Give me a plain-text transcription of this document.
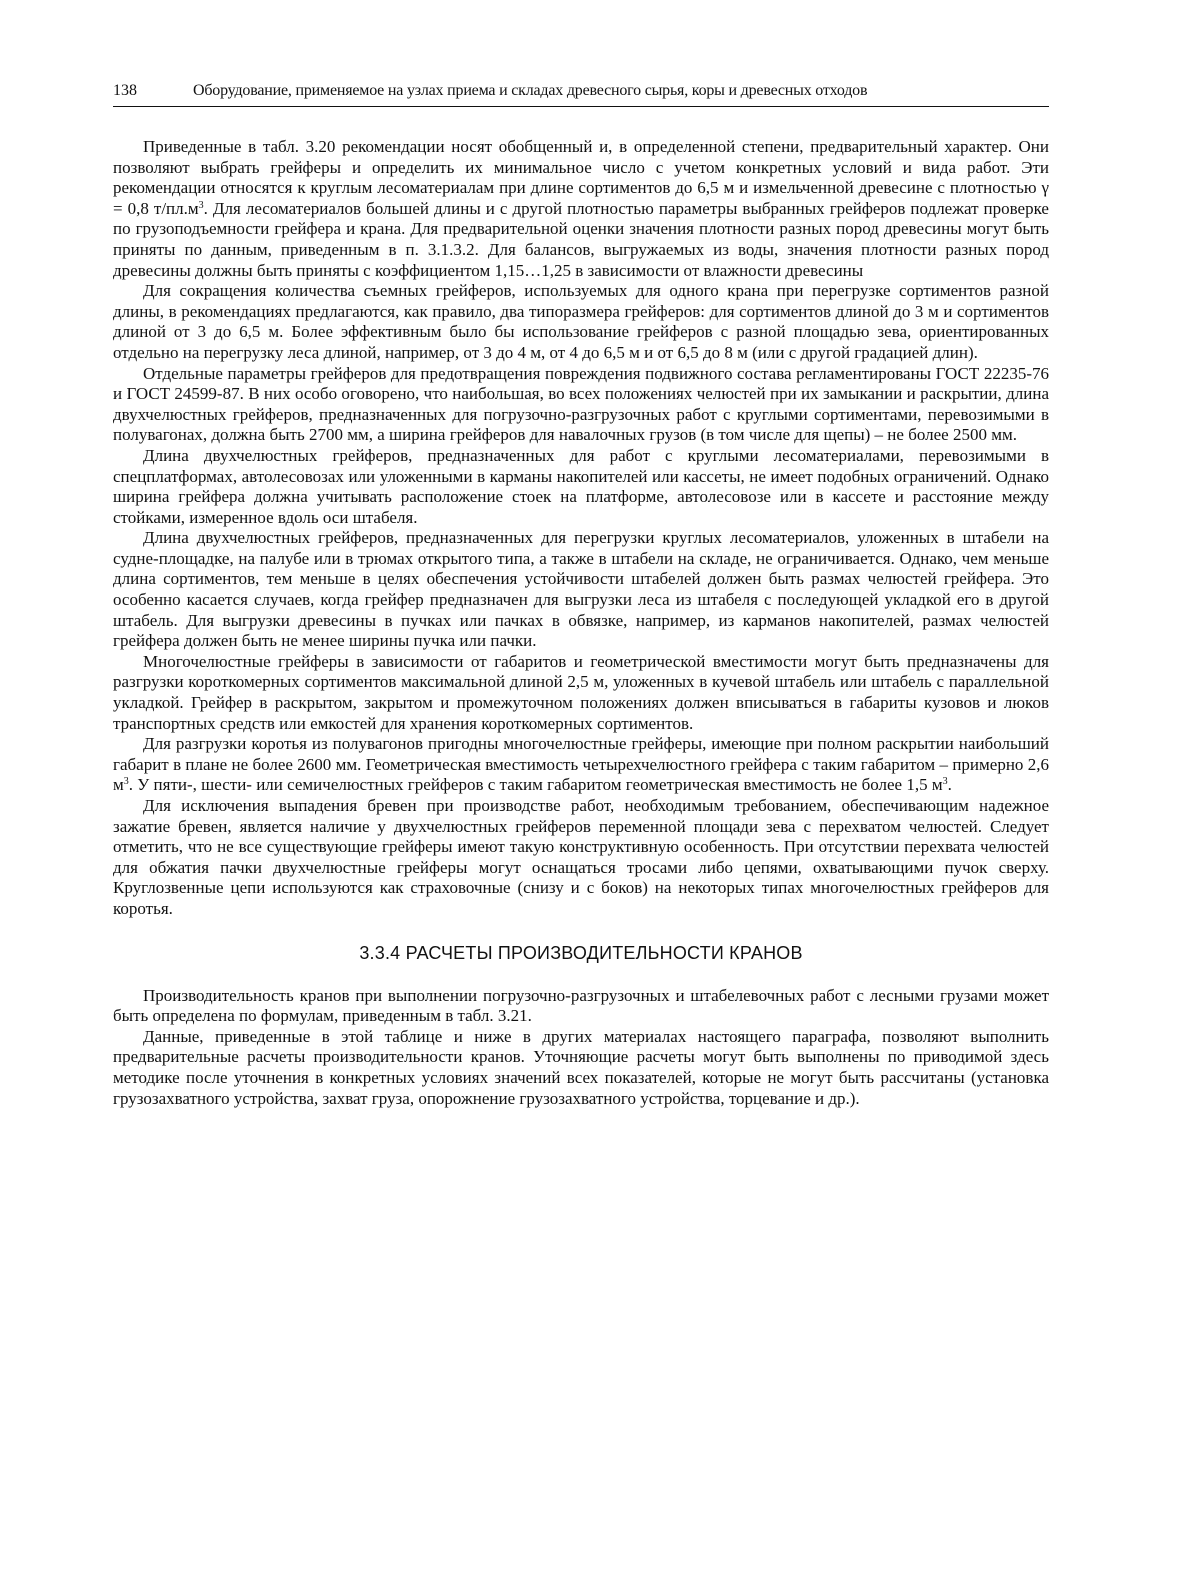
138	Оборудование, применяемое на узлах приема и складах древесного сырья, коры и древесных отходов

Приведенные в табл. 3.20 рекомендации носят обобщенный и, в определенной степени, предварительный характер. Они позволяют выбрать грейферы и определить их минимальное число с учетом конкретных условий и вида работ. Эти рекомендации относятся к круглым лесоматериалам при длине сортиментов до 6,5 м и измельченной древесине с плотностью γ = 0,8 $т/пл.м^3$. Для лесоматериалов большей длины и с другой плотностью параметры выбранных грейферов подлежат проверке по грузоподъемности грейфера и крана. Для предварительной оценки значения плотности разных пород древесины могут быть приняты по данным, приведенным в п. 3.1.3.2. Для балансов, выгружаемых из воды, значения плотности разных пород древесины должны быть приняты с коэффициентом 1,15…1,25 в зависимости от влажности древесины

Для сокращения количества съемных грейферов, используемых для одного крана при перегрузке сортиментов разной длины, в рекомендациях предлагаются, как правило, два типоразмера грейферов: для сортиментов длиной до 3 м и сортиментов длиной от 3 до 6,5 м. Более эффективным было бы использование грейферов с разной площадью зева, ориентированных отдельно на перегрузку леса длиной, например, от 3 до 4 м, от 4 до 6,5 м и от 6,5 до 8 м (или с другой градацией длин).

Отдельные параметры грейферов для предотвращения повреждения подвижного состава регламентированы ГОСТ 22235-76 и ГОСТ 24599-87. В них особо оговорено, что наибольшая, во всех положениях челюстей при их замыкании и раскрытии, длина двухчелюстных грейферов, предназначенных для погрузочно-разгрузочных работ с круглыми сортиментами, перевозимыми в полувагонах, должна быть 2700 мм, а ширина грейферов для навалочных грузов (в том числе для щепы) – не более 2500 мм.

Длина двухчелюстных грейферов, предназначенных для работ с круглыми лесоматериалами, перевозимыми в спецплатформах, автолесовозах или уложенными в карманы накопителей или кассеты, не имеет подобных ограничений. Однако ширина грейфера должна учитывать расположение стоек на платформе, автолесовозе или в кассете и расстояние между стойками, измеренное вдоль оси штабеля.

Длина двухчелюстных грейферов, предназначенных для перегрузки круглых лесоматериалов, уложенных в штабели на судне-площадке, на палубе или в трюмах открытого типа, а также в штабели на складе, не ограничивается. Однако, чем меньше длина сортиментов, тем меньше в целях обеспечения устойчивости штабелей должен быть размах челюстей грейфера. Это особенно касается случаев, когда грейфер предназначен для выгрузки леса из штабеля с последующей укладкой его в другой штабель. Для выгрузки древесины в пучках или пачках в обвязке, например, из карманов накопителей, размах челюстей грейфера должен быть не менее ширины пучка или пачки.

Многочелюстные грейферы в зависимости от габаритов и геометрической вместимости могут быть предназначены для разгрузки короткомерных сортиментов максимальной длиной 2,5 м, уложенных в кучевой штабель или штабель с параллельной укладкой. Грейфер в раскрытом, закрытом и промежуточном положениях должен вписываться в габариты кузовов и люков транспортных средств или емкостей для хранения короткомерных сортиментов.

Для разгрузки коротья из полувагонов пригодны многочелюстные грейферы, имеющие при полном раскрытии наибольший габарит в плане не более 2600 мм. Геометрическая вместимость четырехчелюстного грейфера с таким габаритом – примерно 2,6 $м^3$. У пяти-, шести- или семичелюстных грейферов с таким габаритом геометрическая вместимость не более 1,5 $м^3$.

Для исключения выпадения бревен при производстве работ, необходимым требованием, обеспечивающим надежное зажатие бревен, является наличие у двухчелюстных грейферов переменной площади зева с перехватом челюстей. Следует отметить, что не все существующие грейферы имеют такую конструктивную особенность. При отсутствии перехвата челюстей для обжатия пачки двухчелюстные грейферы могут оснащаться тросами либо цепями, охватывающими пучок сверху. Круглозвенные цепи используются как страховочные (снизу и с боков) на некоторых типах многочелюстных грейферов для коротья.

3.3.4 РАСЧЕТЫ ПРОИЗВОДИТЕЛЬНОСТИ КРАНОВ

Производительность кранов при выполнении погрузочно-разгрузочных и штабелевочных работ с лесными грузами может быть определена по формулам, приведенным в табл. 3.21.

Данные, приведенные в этой таблице и ниже в других материалах настоящего параграфа, позволяют выполнить предварительные расчеты производительности кранов. Уточняющие расчеты могут быть выполнены по приводимой здесь методике после уточнения в конкретных условиях значений всех показателей, которые не могут быть рассчитаны (установка грузозахватного устройства, захват груза, опорожнение грузозахватного устройства, торцевание и др.).
